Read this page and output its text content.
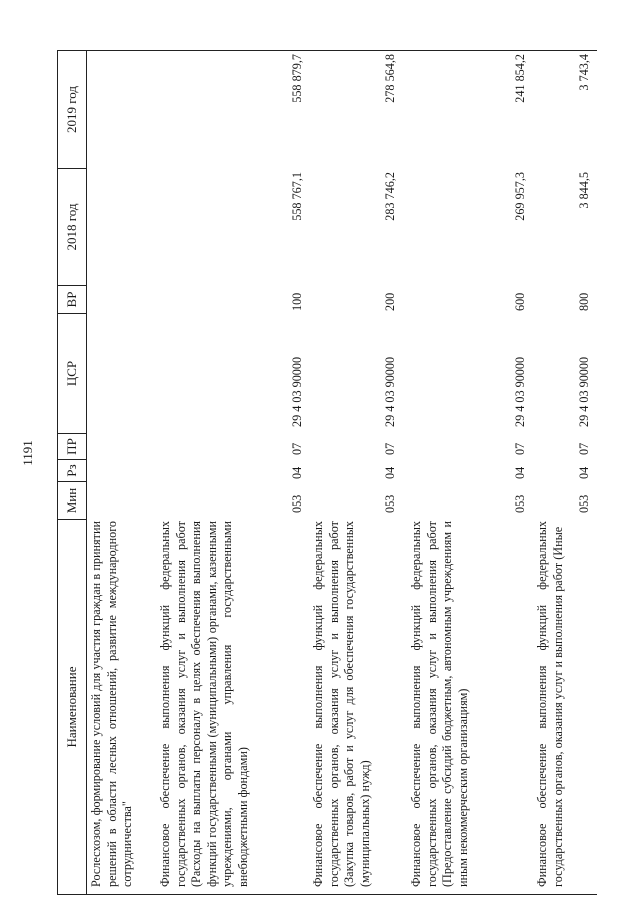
1191
Наименование
Мин
Рз
ПР
ЦСР
ВР
2018 год
2019 год
Рослесхозом, формирование условий для участия граждан в принятии решений в области лесных отношений, развитие международного сотрудничества" Финансовое обеспечение выполнения функций федеральных государственных органов, оказания услуг и выполнения работ (Расходы на выплаты персоналу в целях обеспечения выполнения функций государственными (муниципальными) органами, казенными учреждениями, органами управления государственными внебюджетными фондами)
053
04
07
29 4 03 90000
100
558 767,1
558 879,7
Финансовое обеспечение выполнения функций федеральных государственных органов, оказания услуг и выполнения работ (Закупка товаров, работ и услуг для обеспечения государственных (муниципальных) нужд)
053
04
07
29 4 03 90000
200
283 746,2
278 564,8
Финансовое обеспечение выполнения функций федеральных государственных органов, оказания услуг и выполнения работ (Предоставление субсидий бюджетным, автономным учреждениям и иным некоммерческим организациям)
053
04
07
29 4 03 90000
600
269 957,3
241 854,2
Финансовое обеспечение выполнения функций федеральных государственных органов, оказания услуг и выполнения работ (Иные
053
04
07
29 4 03 90000
800
3 844,5
3 743,4
